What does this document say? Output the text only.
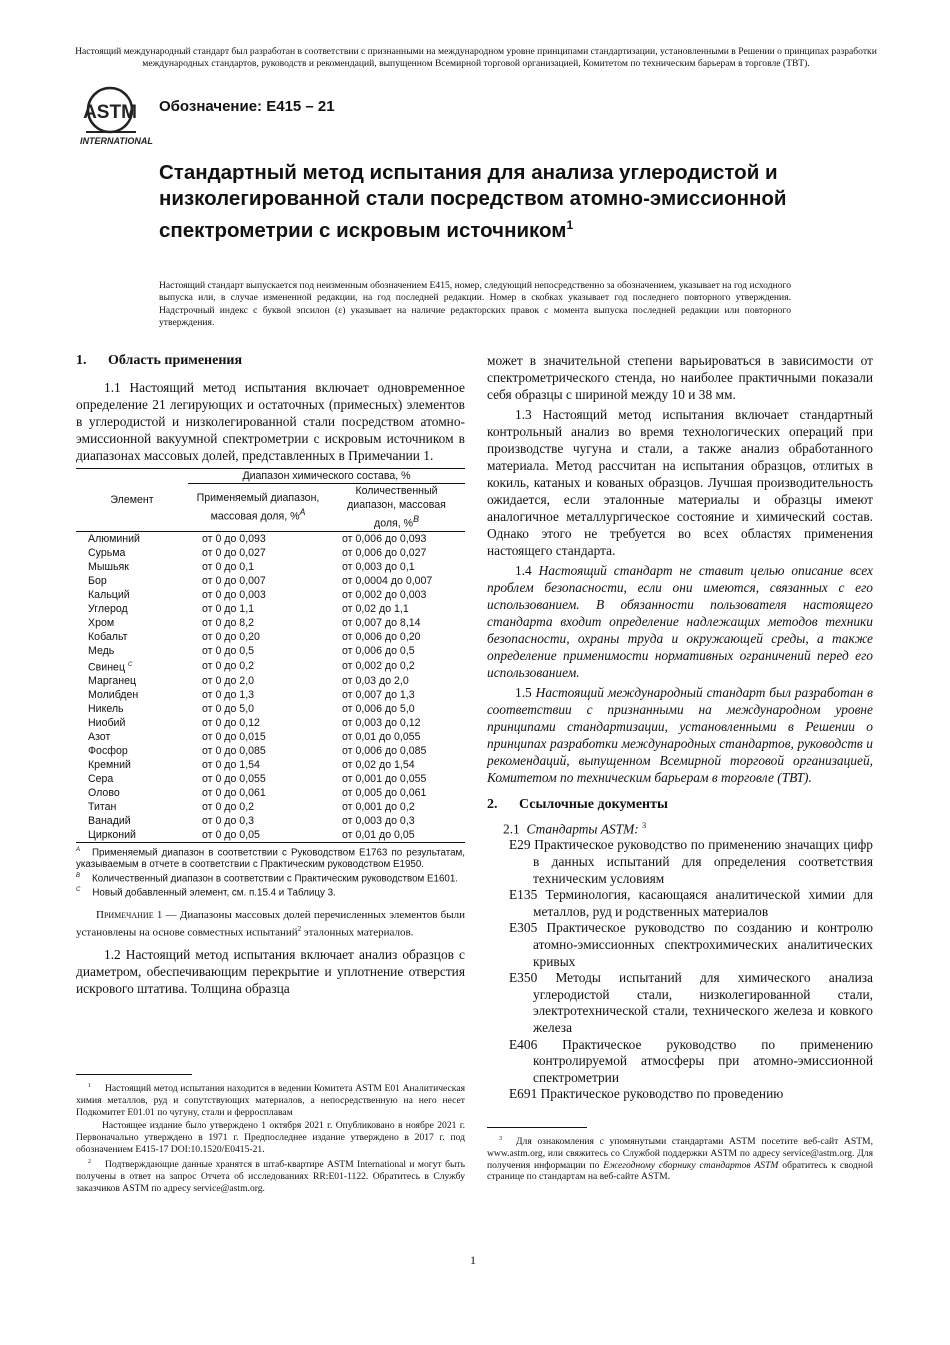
Настоящий международный стандарт был разработан в соответствии с признанными на международном уровне принципами стандартизации, установленными в Решении о принципах разработки международных стандартов, руководств и рекомендаций, выпущенном Всемирной торговой организацией, Комитетом по техническим барьерам в торговле (ТВТ).
ASTM
INTERNATIONAL
Обозначение: E415 – 21
Стандартный метод испытания для анализа углеродистой и низколегированной стали посредством атомно-эмиссионной спектрометрии с искровым источником$^1$
Настоящий стандарт выпускается под неизменным обозначением E415, номер, следующий непосредственно за обозначением, указывает на год исходного выпуска или, в случае измененной редакции, на год последней редакции. Номер в скобках указывает год последнего повторного утверждения. Надстрочный индекс с буквой эпсилон (ε) указывает на наличие редакторских правок с момента выпуска последней редакции или повторного утверждения.
1. Область применения

1.1 Настоящий метод испытания включает одновременное определение 21 легирующих и остаточных (примесных) элементов в углеродистой и низколегированной стали посредством атомно-эмиссионной вакуумной спектрометрии с искровым источником в диапазонах массовых долей, представленных в Примечании 1.

Элемент	Диапазон химического состава, %	
	Применяемый диапазон, массовая доля, %$^A$	Количественный диапазон, массовая доля, %$^B$
Алюминий	от 0 до 0,093	от 0,006 до 0,093
Сурьма	от 0 до 0,027	от 0,006 до 0,027
Мышьяк	от 0 до 0,1	от 0,003 до 0,1
Бор	от 0 до 0,007	от 0,0004 до 0,007
Кальций	от 0 до 0,003	от 0,002 до 0,003
Углерод	от 0 до 1,1	от 0,02 до 1,1
Хром	от 0 до 8,2	от 0,007 до 8,14
Кобальт	от 0 до 0,20	от 0,006 до 0,20
Медь	от 0 до 0,5	от 0,006 до 0,5
Свинец $^C$	от 0 до 0,2	от 0,002 до 0,2
Марганец	от 0 до 2,0	от 0,03 до 2,0
Молибден	от 0 до 1,3	от 0,007 до 1,3
Никель	от 0 до 5,0	от 0,006 до 5,0
Ниобий	от 0 до 0,12	от 0,003 до 0,12
Азот	от 0 до 0,015	от 0,01 до 0,055
Фосфор	от 0 до 0,085	от 0,006 до 0,085
Кремний	от 0 до 1,54	от 0,02 до 1,54
Сера	от 0 до 0,055	от 0,001 до 0,055
Олово	от 0 до 0,061	от 0,005 до 0,061
Титан	от 0 до 0,2	от 0,001 до 0,2
Ванадий	от 0 до 0,3	от 0,003 до 0,3
Цирконий	от 0 до 0,05	от 0,01 до 0,05
$^A$ Применяемый диапазон в соответствии с Руководством E1763 по результатам, указываемым в отчете в соответствии с Практическим руководством E1950.
$^B$ Количественный диапазон в соответствии с Практическим руководством E1601.
$^C$ Новый добавленный элемент, см. п.15.4 и Таблицу 3.
Примечание 1 — Диапазоны массовых долей перечисленных элементов были установлены на основе совместных испытаний$^2$ эталонных материалов.

1.2 Настоящий метод испытания включает анализ образцов с диаметром, обеспечивающим перекрытие и уплотнение отверстия искрового штатива. Толщина образца

$^1$ Настоящий метод испытания находится в ведении Комитета ASTM E01 Аналитическая химия металлов, руд и сопутствующих материалов, а непосредственную на него несет Подкомитет E01.01 по чугуну, стали и ферросплавам
Настоящее издание было утверждено 1 октября 2021 г. Опубликовано в ноябре 2021 г. Первоначально утверждено в 1971 г. Предпоследнее издание утверждено в 2017 г. под обозначением E415-17 DOI:10.1520/E0415-21.
$^2$ Подтверждающие данные хранятся в штаб-квартире ASTM International и могут быть получены в ответ на запрос Отчета об исследованиях RR:E01-1122. Обратитесь в Службу заказчиков ASTM по адресу service@astm.org.

может в значительной степени варьироваться в зависимости от спектрометрического стенда, но наиболее практичными показали себя образцы с шириной между 10 и 38 мм.

1.3 Настоящий метод испытания включает стандартный контрольный анализ во время технологических операций при производстве чугуна и стали, а также анализ обработанного материала. Метод рассчитан на испытания образцов, отлитых в кокиль, катаных и кованых образцов. Лучшая производительность ожидается, если эталонные материалы и образцы имеют аналогичное металлургическое состояние и химический состав. Однако этого не требуется во всех областях применения настоящего стандарта.

1.4 Настоящий стандарт не ставит целью описание всех проблем безопасности, если они имеются, связанных с его использованием. В обязанности пользователя настоящего стандарта входит определение надлежащих методов техники безопасности, охраны труда и окружающей среды, а также определение применимости нормативных ограничений перед его использованием.

1.5 Настоящий международный стандарт был разработан в соответствии с признанными на международном уровне принципами стандартизации, установленными в Решении о принципах разработки международных стандартов, руководств и рекомендаций, выпущенном Всемирной торговой организацией, Комитетом по техническим барьерам в торговле (ТВТ).

2. Ссылочные документы
2.1 Стандарты ASTM: $^3$
E29 Практическое руководство по применению значащих цифр в данных испытаний для определения соответствия техническим условиям
E135 Терминология, касающаяся аналитической химии для металлов, руд и родственных материалов
E305 Практическое руководство по созданию и контролю атомно-эмиссионных спектрохимических аналитических кривых
E350 Методы испытаний для химического анализа углеродистой стали, низколегированной стали, электротехнической стали, технического железа и ковкого железа
E406 Практическое руководство по применению контролируемой атмосферы при атомно-эмиссионной спектрометрии
E691 Практическое руководство по проведению
$^3$ Для ознакомления с упомянутыми стандартами ASTM посетите веб-сайт ASTM, www.astm.org, или свяжитесь со Службой поддержки ASTM по адресу service@astm.org. Для получения информации по Ежегодному сборнику стандартов ASTM обратитесь к сводной странице по стандартам на веб-сайте ASTM.
1
